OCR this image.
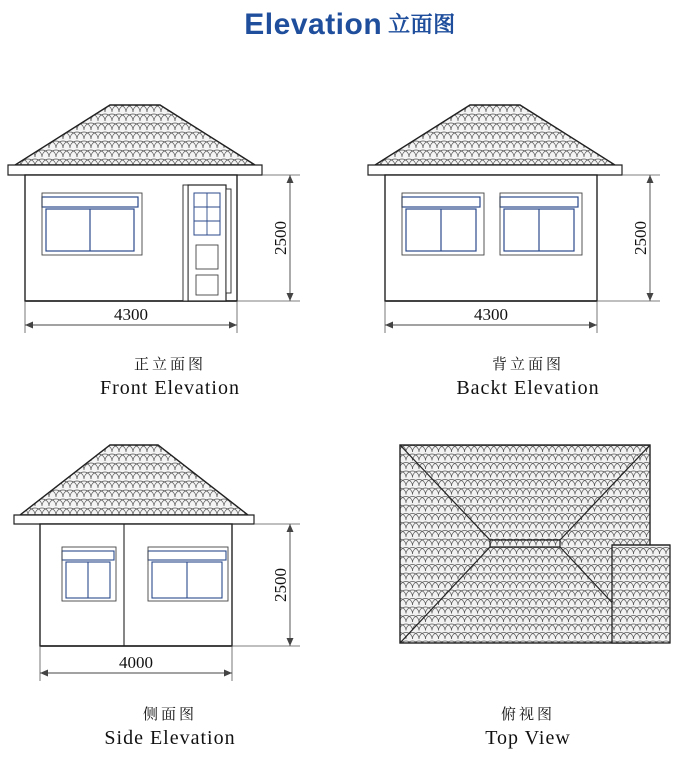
Elevation 立面图
2500
4300
正立面图
Front Elevation
2500
4300
背立面图
Backt Elevation
2500
4000
侧面图
Side Elevation
俯视图
Top View
